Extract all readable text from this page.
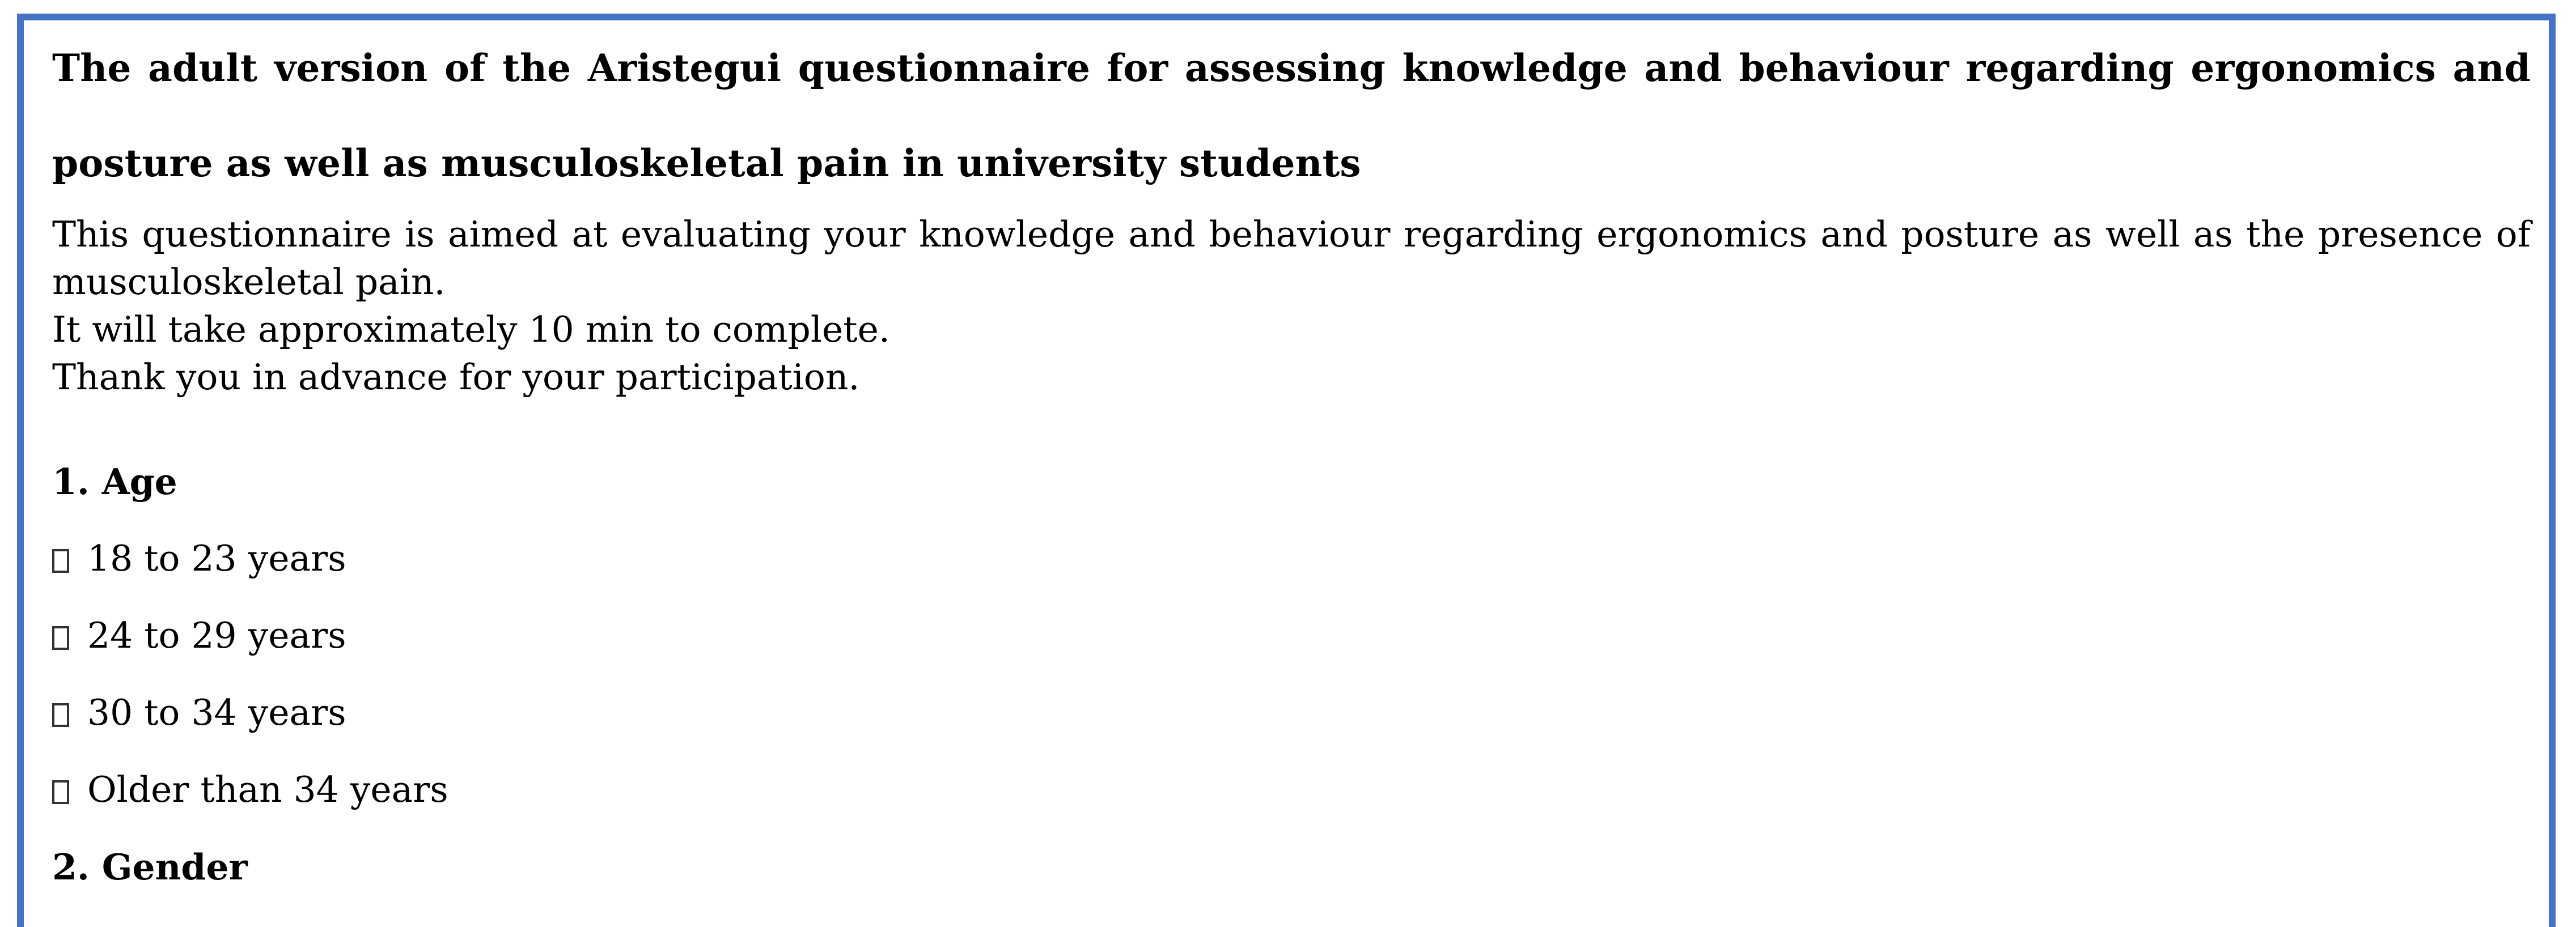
The adult version of the Aristegui questionnaire for assessing knowledge and behaviour regarding ergonomics and posture as well as musculoskeletal pain in university students

This questionnaire is aimed at evaluating your knowledge and behaviour regarding ergonomics and posture as well as the presence of musculoskeletal pain.

It will take approximately 10 min to complete.

Thank you in advance for your participation.

1. Age

18 to 23 years
24 to 29 years
30 to 34 years
Older than 34 years

2. Gender
